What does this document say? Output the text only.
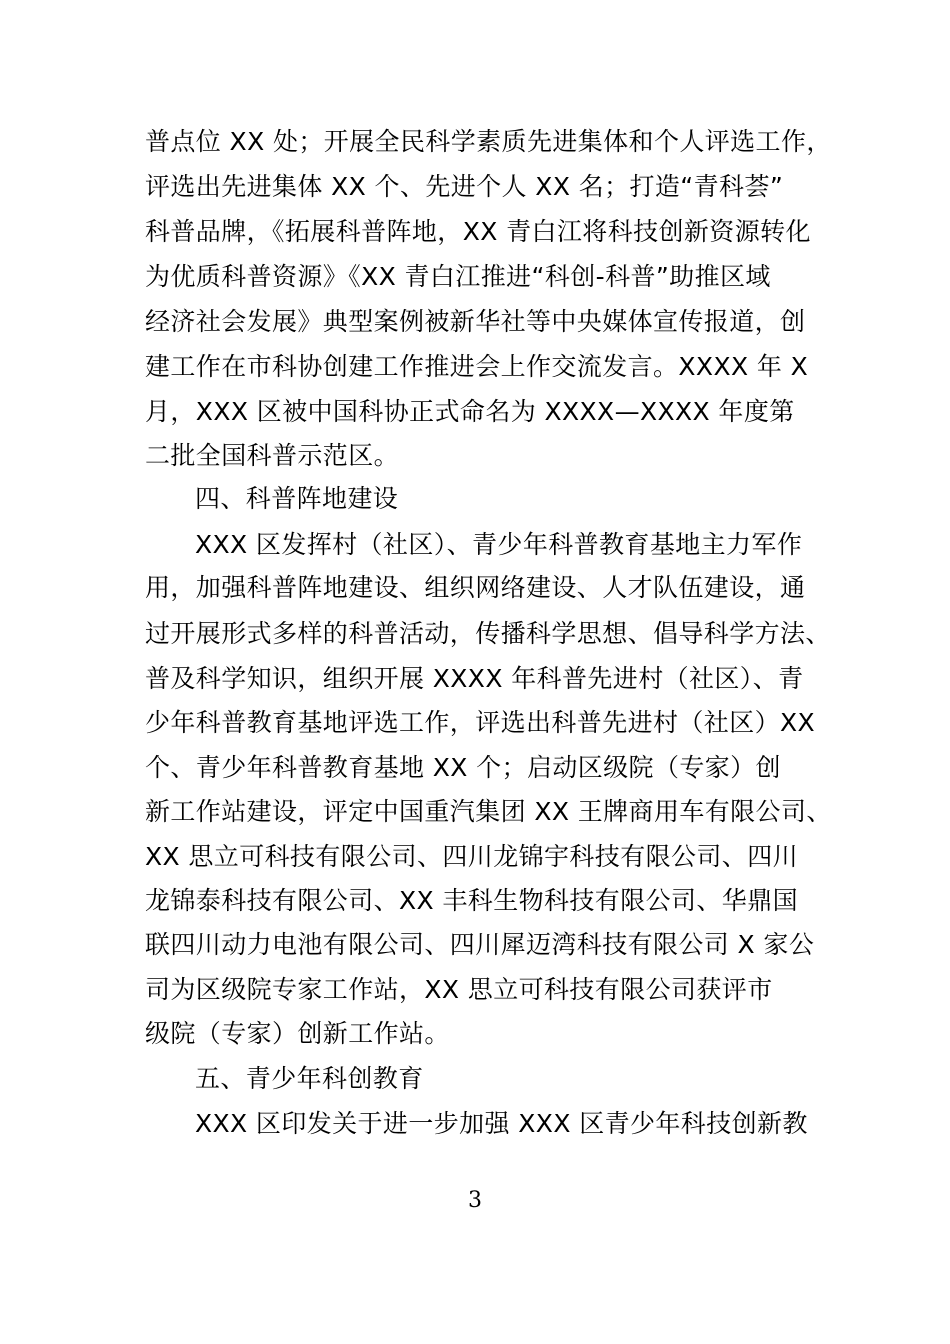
普点位 XX 处；开展全民科学素质先进集体和个人评选工作，
评选出先进集体 XX 个、先进个人 XX 名；打造“青科荟”
科普品牌，《拓展科普阵地，XX 青白江将科技创新资源转化
为优质科普资源》《XX 青白江推进“科创-科普”助推区域
经济社会发展》典型案例被新华社等中央媒体宣传报道，创
建工作在市科协创建工作推进会上作交流发言。XXXX 年 X
月，XXX 区被中国科协正式命名为 XXXX—XXXX 年度第
二批全国科普示范区。
四、科普阵地建设
XXX 区发挥村（社区）、青少年科普教育基地主力军作
用，加强科普阵地建设、组织网络建设、人才队伍建设，通
过开展形式多样的科普活动，传播科学思想、倡导科学方法、
普及科学知识，组织开展 XXXX 年科普先进村（社区）、青
少年科普教育基地评选工作，评选出科普先进村（社区）XX
个、青少年科普教育基地 XX 个；启动区级院（专家）创
新工作站建设，评定中国重汽集团 XX 王牌商用车有限公司、
XX 思立可科技有限公司、四川龙锦宇科技有限公司、四川
龙锦泰科技有限公司、XX 丰科生物科技有限公司、华鼎国
联四川动力电池有限公司、四川犀迈湾科技有限公司 X 家公
司为区级院专家工作站，XX 思立可科技有限公司获评市
级院（专家）创新工作站。
五、青少年科创教育
XXX 区印发关于进一步加强 XXX 区青少年科技创新教
3
